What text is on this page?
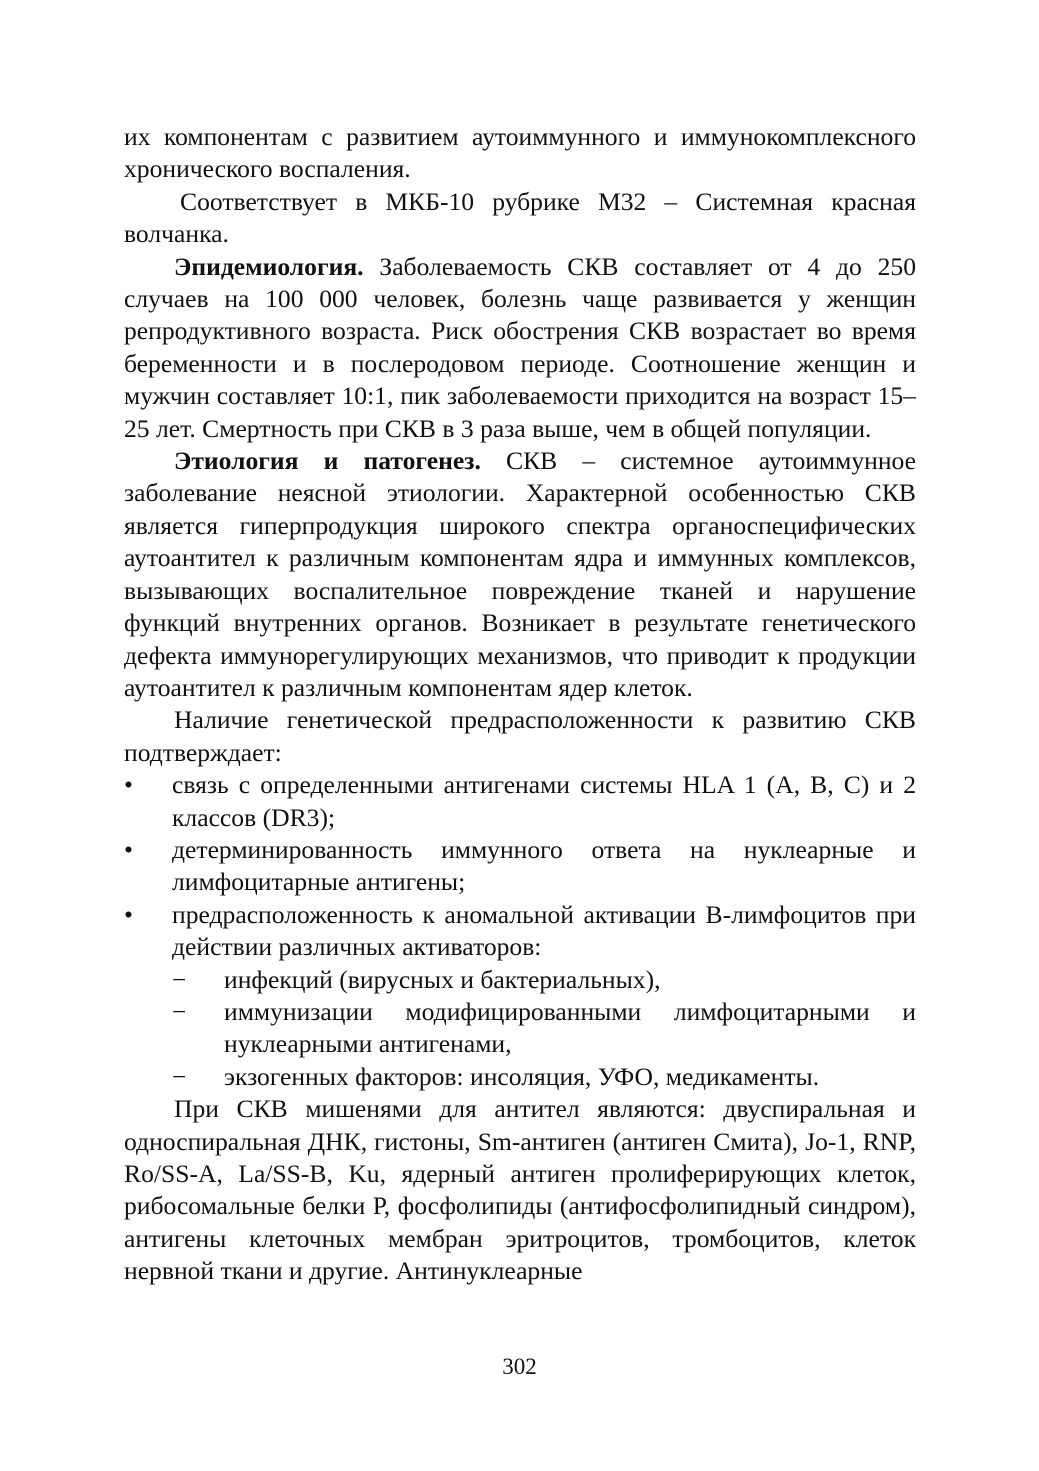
их компонентам с развитием аутоиммунного и иммунокомплексного хронического воспаления.

Соответствует в МКБ-10 рубрике М32 – Системная красная волчанка.

Эпидемиология. Заболеваемость СКВ составляет от 4 до 250 случаев на 100 000 человек, болезнь чаще развивается у женщин репродуктивного возраста. Риск обострения СКВ возрастает во время беременности и в послеродовом периоде. Соотношение женщин и мужчин составляет 10:1, пик заболеваемости приходится на возраст 15–25 лет. Смертность при СКВ в 3 раза выше, чем в общей популяции.

Этиология и патогенез. СКВ – системное аутоиммунное заболевание неясной этиологии. Характерной особенностью СКВ является гиперпродукция широкого спектра органоспецифических аутоантител к различным компонентам ядра и иммунных комплексов, вызывающих воспалительное повреждение тканей и нарушение функций внутренних органов. Возникает в результате генетического дефекта иммунорегулирующих механизмов, что приводит к продукции аутоантител к различным компонентам ядер клеток.

Наличие генетической предрасположенности к развитию СКВ подтверждает:

• связь с определенными антигенами системы HLA 1 (А, В, С) и 2 классов (DR3);
• детерминированность иммунного ответа на нуклеарные и лимфоцитарные антигены;
• предрасположенность к аномальной активации В-лимфоцитов при действии различных активаторов:
− инфекций (вирусных и бактериальных),
− иммунизации модифицированными лимфоцитарными и нуклеарными антигенами,
− экзогенных факторов: инсоляция, УФО, медикаменты.

При СКВ мишенями для антител являются: двуспиральная и односпиральная ДНК, гистоны, Sm-антиген (антиген Смита), Jo-1, RNP, Ro/SS-A, La/SS-B, Ku, ядерный антиген пролиферирующих клеток, рибосомальные белки Р, фосфолипиды (антифосфолипидный синдром), антигены клеточных мембран эритроцитов, тромбоцитов, клеток нервной ткани и другие. Антинуклеарные

302
